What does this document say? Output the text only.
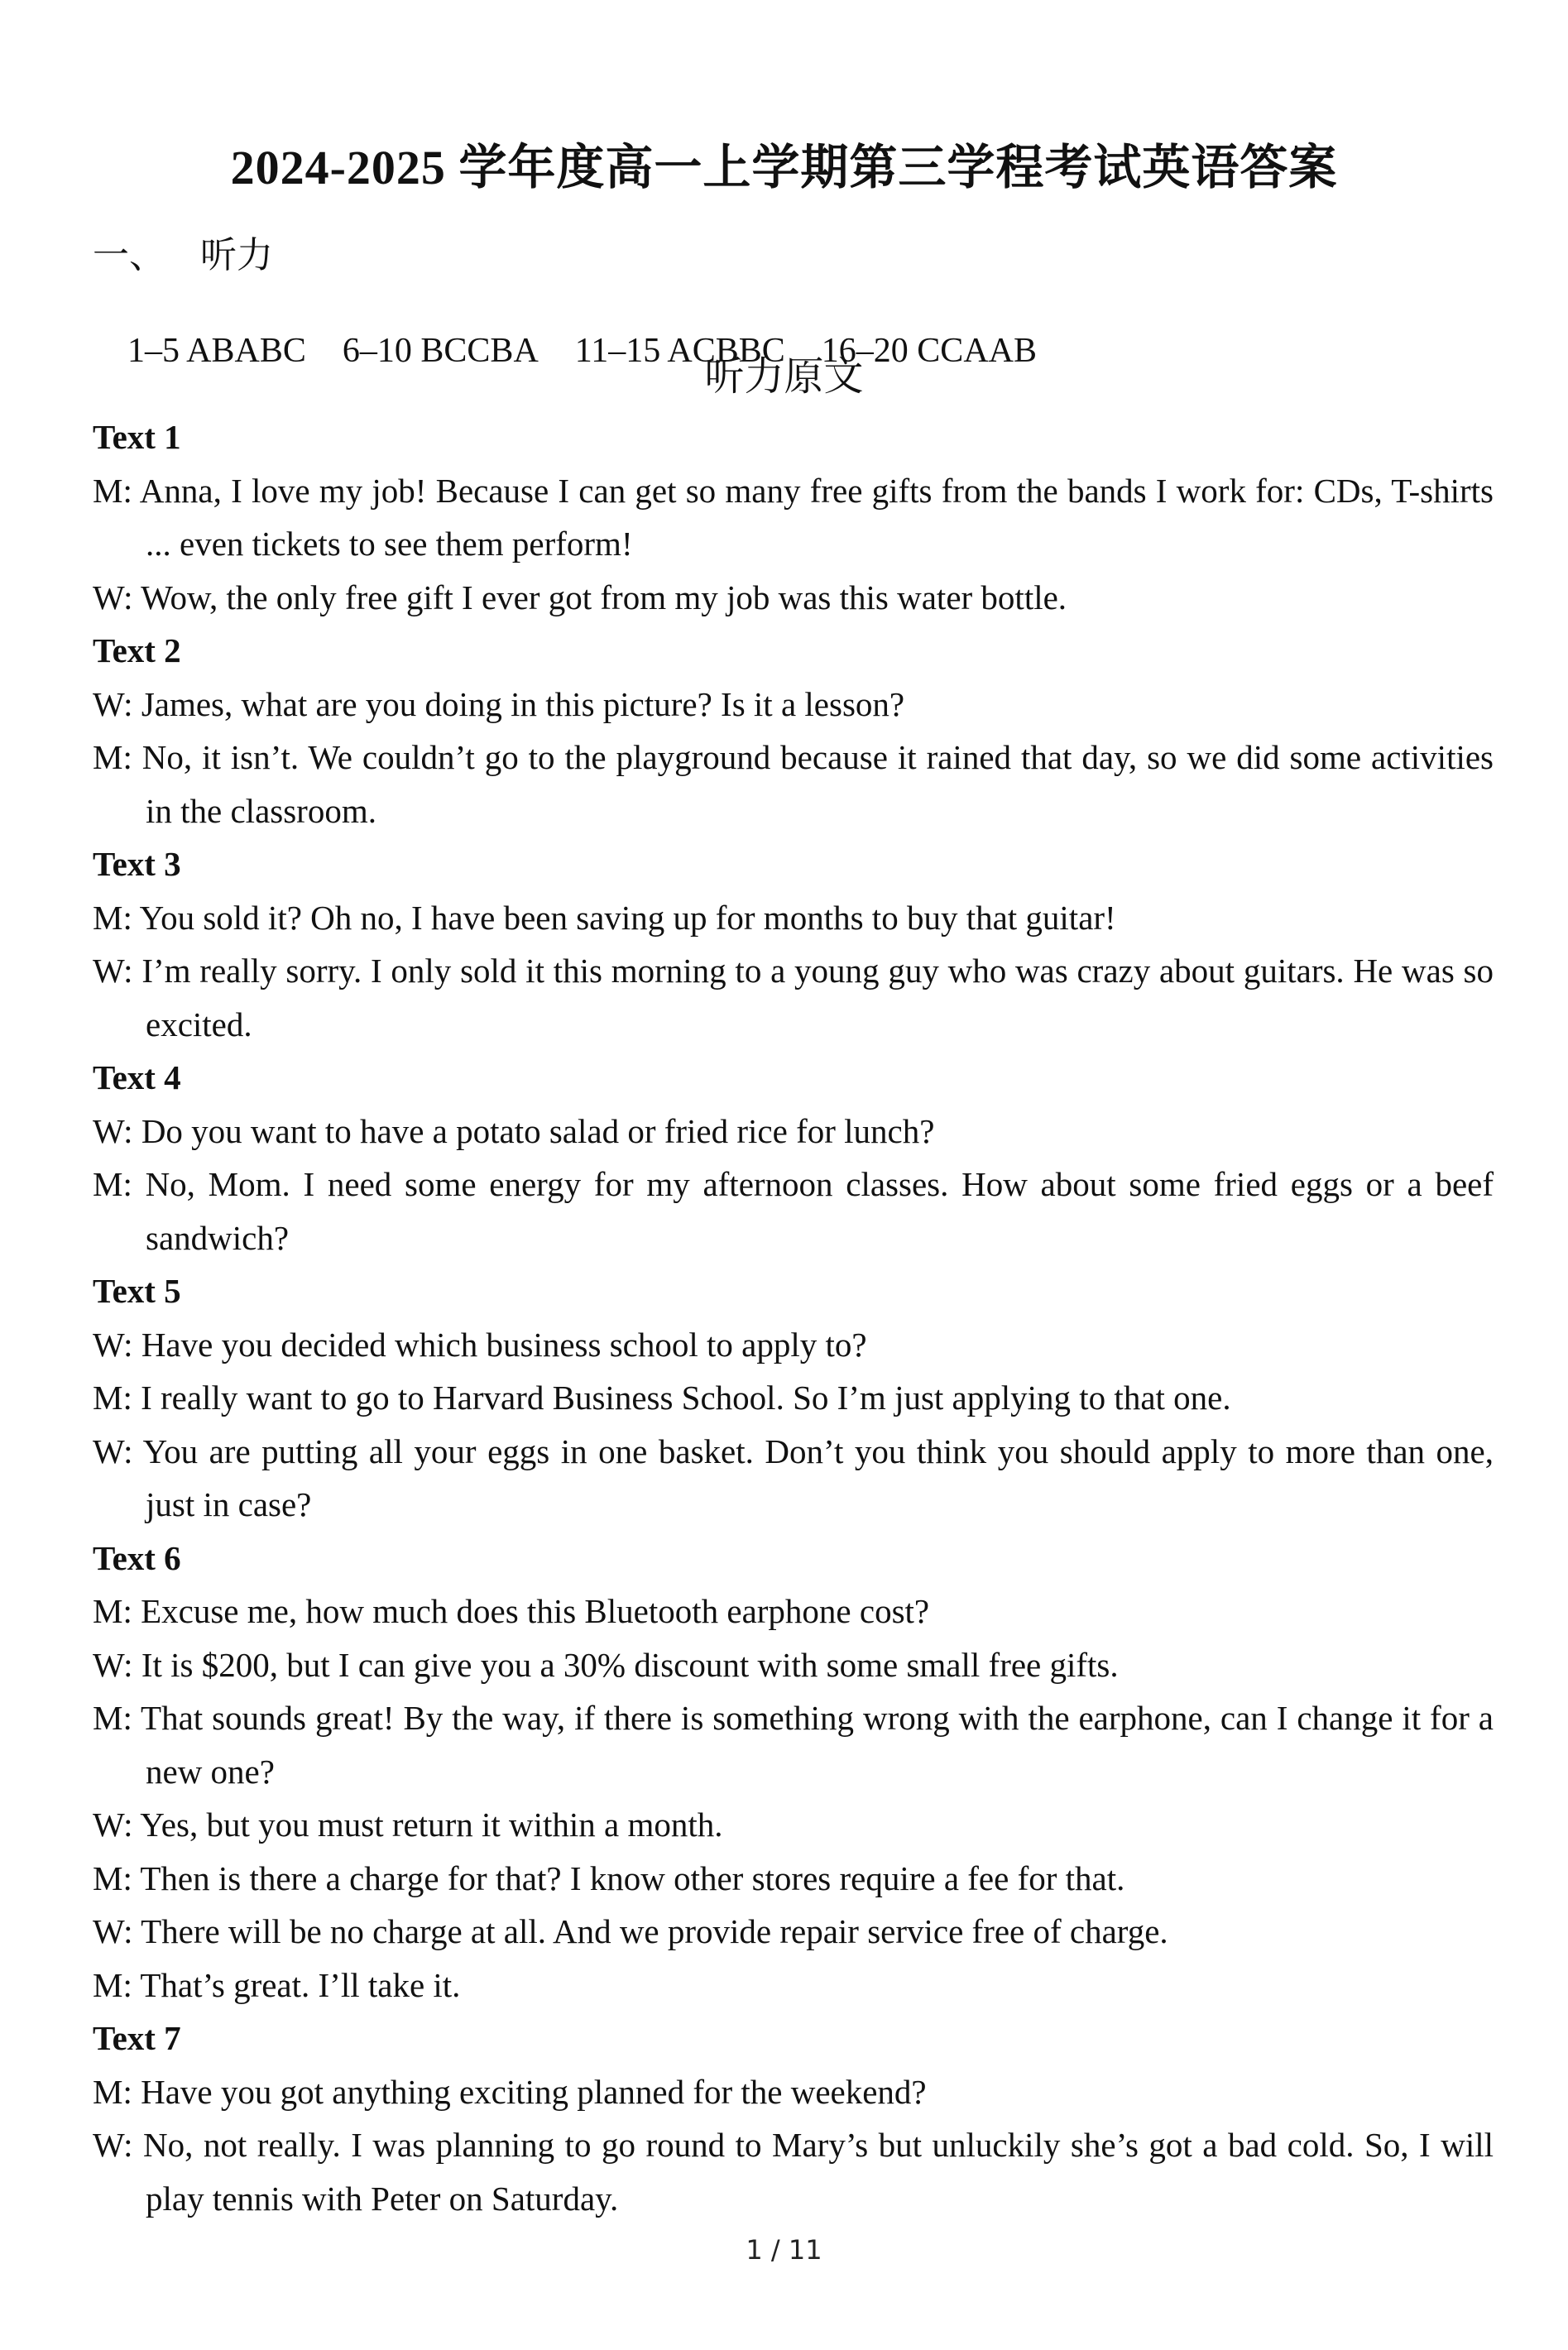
2024-2025 学年度高一上学期第三学程考试英语答案
一、 听力

1–5 ABABC 6–10 BCCBA 11–15 ACBBC 16–20 CCAAB

听力原文
Text 1
M: Anna, I love my job! Because I can get so many free gifts from the bands I work for: CDs, T-shirts ... even tickets to see them perform!
W: Wow, the only free gift I ever got from my job was this water bottle.
Text 2
W: James, what are you doing in this picture? Is it a lesson?
M: No, it isn’t. We couldn’t go to the playground because it rained that day, so we did some activities in the classroom.
Text 3
M: You sold it? Oh no, I have been saving up for months to buy that guitar!
W: I’m really sorry. I only sold it this morning to a young guy who was crazy about guitars. He was so excited.
Text 4
W: Do you want to have a potato salad or fried rice for lunch?
M: No, Mom. I need some energy for my afternoon classes. How about some fried eggs or a beef sandwich?
Text 5
W: Have you decided which business school to apply to?
M: I really want to go to Harvard Business School. So I’m just applying to that one.
W: You are putting all your eggs in one basket. Don’t you think you should apply to more than one, just in case?
Text 6
M: Excuse me, how much does this Bluetooth earphone cost?
W: It is $200, but I can give you a 30% discount with some small free gifts.
M: That sounds great! By the way, if there is something wrong with the earphone, can I change it for a new one?
W: Yes, but you must return it within a month.
M: Then is there a charge for that? I know other stores require a fee for that.
W: There will be no charge at all. And we provide repair service free of charge.
M: That’s great. I’ll take it.
Text 7
M: Have you got anything exciting planned for the weekend?
W: No, not really. I was planning to go round to Mary’s but unluckily she’s got a bad cold. So, I will play tennis with Peter on Saturday.
1 / 11
